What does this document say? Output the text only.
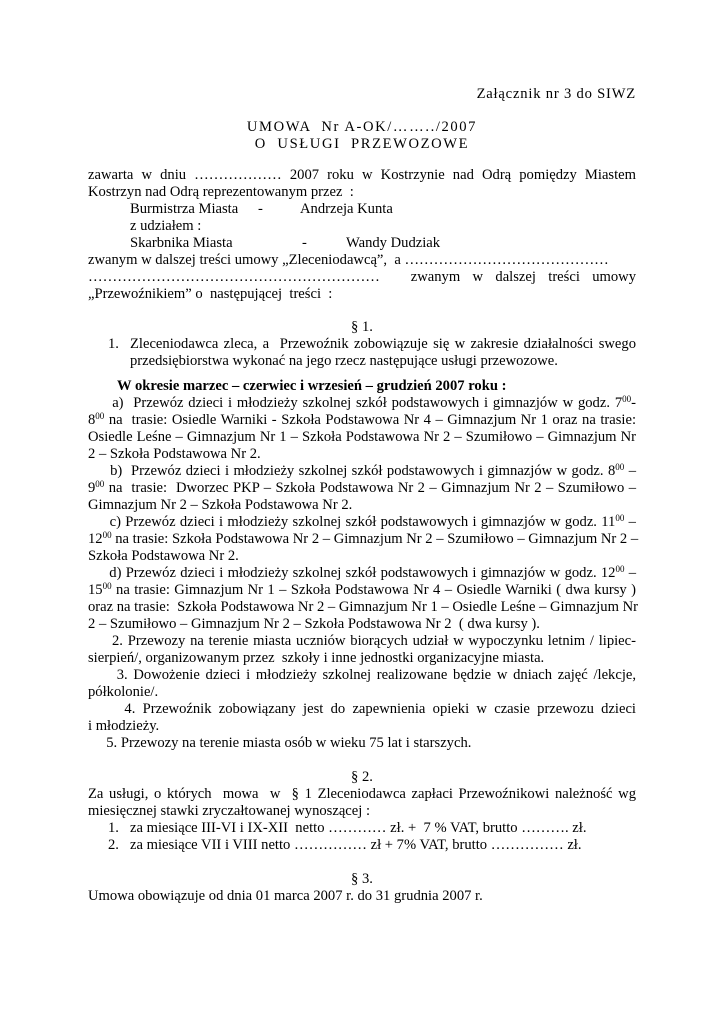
Załącznik nr 3 do SIWZ
UMOWA  Nr A-OK/……../2007
O  USŁUGI  PRZEWOZOWE
zawarta w dniu ……………… 2007 roku w Kostrzynie nad Odrą pomiędzy Miastem
Kostrzyn nad Odrą reprezentowanym przez  :
Burmistrza Miasta -	Andrzeja Kunta
z udziałem :
Skarbnika Miasta	-	Wandy Dudziak
zwanym w dalszej treści umowy „Zleceniodawcą”,  a ……………………………………
……………………………………………………     zwanym  w  dalszej  treści  umowy
„Przewoźnikiem” o  następującej  treści  :
§ 1.
1. Zleceniodawca zleca, a  Przewoźnik zobowiązuje się w zakresie działalności swego
przedsiębiorstwa wykonać na jego rzecz następujące usługi przewozowe.
W okresie marzec – czerwiec i wrzesień – grudzień 2007 roku :
a)  Przewóz dzieci i młodzieży szkolnej szkół podstawowych i gimnazjów w godz. $7^{00}-$
$8^{00}$ na  trasie: Osiedle Warniki - Szkoła Podstawowa Nr 4 – Gimnazjum Nr 1 oraz na trasie:
Osiedle Leśne – Gimnazjum Nr 1 – Szkoła Podstawowa Nr 2 – Szumiłowo – Gimnazjum Nr
2 – Szkoła Podstawowa Nr 2.
b)  Przewóz dzieci i młodzieży szkolnej szkół podstawowych i gimnazjów w godz. $8^{00}$ –
$9^{00}$ na  trasie:  Dworzec PKP – Szkoła Podstawowa Nr 2 – Gimnazjum Nr 2 – Szumiłowo –
Gimnazjum Nr 2 – Szkoła Podstawowa Nr 2.
c) Przewóz dzieci i młodzieży szkolnej szkół podstawowych i gimnazjów w godz. $11^{00}$ –
$12^{00}$ na trasie: Szkoła Podstawowa Nr 2 – Gimnazjum Nr 2 – Szumiłowo – Gimnazjum Nr 2 –
Szkoła Podstawowa Nr 2.
d) Przewóz dzieci i młodzieży szkolnej szkół podstawowych i gimnazjów w godz. $12^{00}$ –
$15^{00}$ na trasie: Gimnazjum Nr 1 – Szkoła Podstawowa Nr 4 – Osiedle Warniki ( dwa kursy )
oraz na trasie:  Szkoła Podstawowa Nr 2 – Gimnazjum Nr 1 – Osiedle Leśne – Gimnazjum Nr
2 – Szumiłowo – Gimnazjum Nr 2 – Szkoła Podstawowa Nr 2  ( dwa kursy ).
2. Przewozy na terenie miasta uczniów biorących udział w wypoczynku letnim / lipiec-
sierpień/, organizowanym przez  szkoły i inne jednostki organizacyjne miasta.
3. Dowożenie dzieci i młodzieży szkolnej realizowane będzie w dniach zajęć /lekcje,
półkolonie/.
4. Przewoźnik zobowiązany jest do zapewnienia opieki w czasie przewozu dzieci
i młodzieży.
5. Przewozy na terenie miasta osób w wieku 75 lat i starszych.
§ 2.
Za usługi, o których  mowa  w  § 1 Zleceniodawca zapłaci Przewoźnikowi należność wg
miesięcznej stawki zryczałtowanej wynoszącej :
1. za miesiące III-VI i IX-XII  netto ………… zł. +  7 % VAT, brutto ………. zł.
2. za miesiące VII i VIII netto …………… zł + 7% VAT, brutto …………… zł.
§ 3.
Umowa obowiązuje od dnia 01 marca 2007 r. do 31 grudnia 2007 r.
